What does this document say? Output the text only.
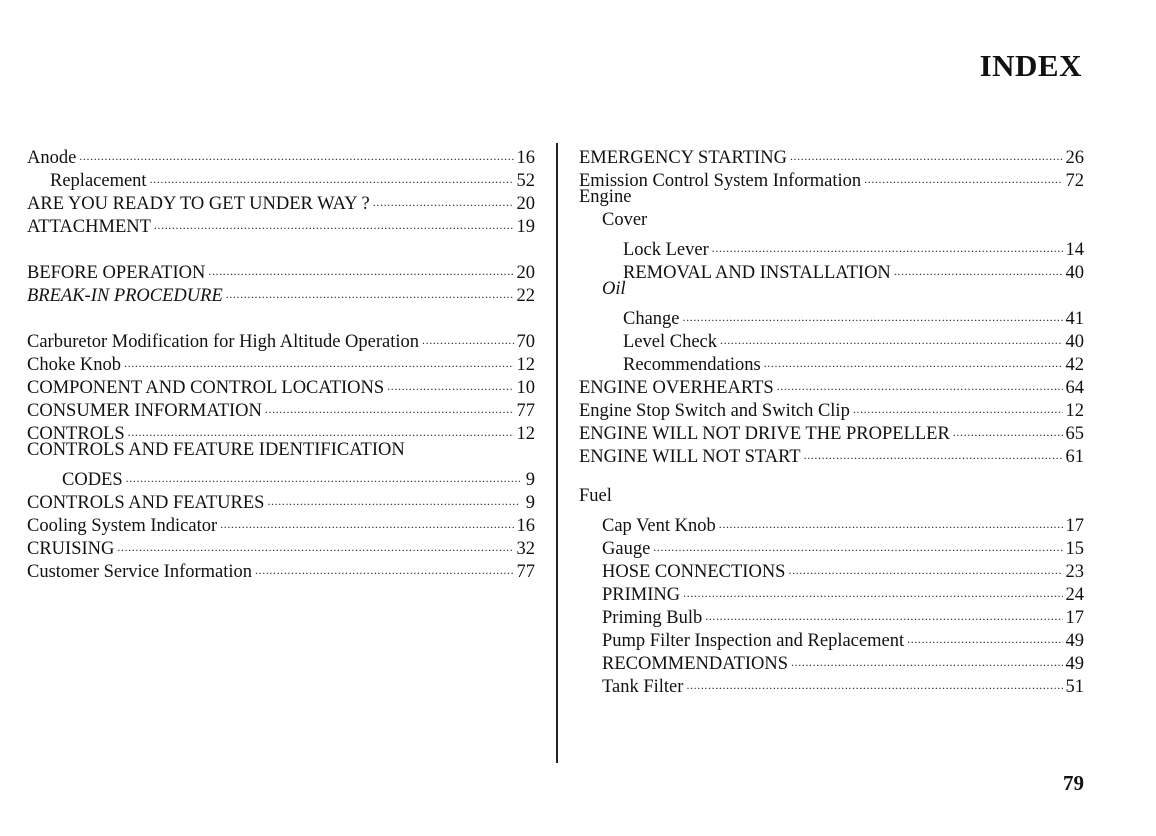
INDEX
Anode .....	16
Replacement .....	52
ARE YOU READY TO GET UNDER WAY ? .....	20
ATTACHMENT .....	19
BEFORE OPERATION .....	20
BREAK-IN PROCEDURE .....	22
Carburetor Modification for High Altitude Operation .....	70
Choke Knob .....	12
COMPONENT AND CONTROL LOCATIONS .....	10
CONSUMER INFORMATION .....	77
CONTROLS .....	12
CONTROLS AND FEATURE IDENTIFICATION
CODES .....	9
CONTROLS AND FEATURES .....	9
Cooling System Indicator .....	16
CRUISING .....	32
Customer Service Information .....	77
EMERGENCY STARTING .....	26
Emission Control System Information .....	72
Engine
Cover
Lock Lever .....	14
REMOVAL AND INSTALLATION .....	40
Oil
Change .....	41
Level Check .....	40
Recommendations .....	42
ENGINE OVERHEARTS .....	64
Engine Stop Switch and Switch Clip .....	12
ENGINE WILL NOT DRIVE THE PROPELLER .....	65
ENGINE WILL NOT START .....	61
Fuel
Cap Vent Knob .....	17
Gauge .....	15
HOSE CONNECTIONS .....	23
PRIMING .....	24
Priming Bulb .....	17
Pump Filter Inspection and Replacement .....	49
RECOMMENDATIONS .....	49
Tank Filter .....	51

79
